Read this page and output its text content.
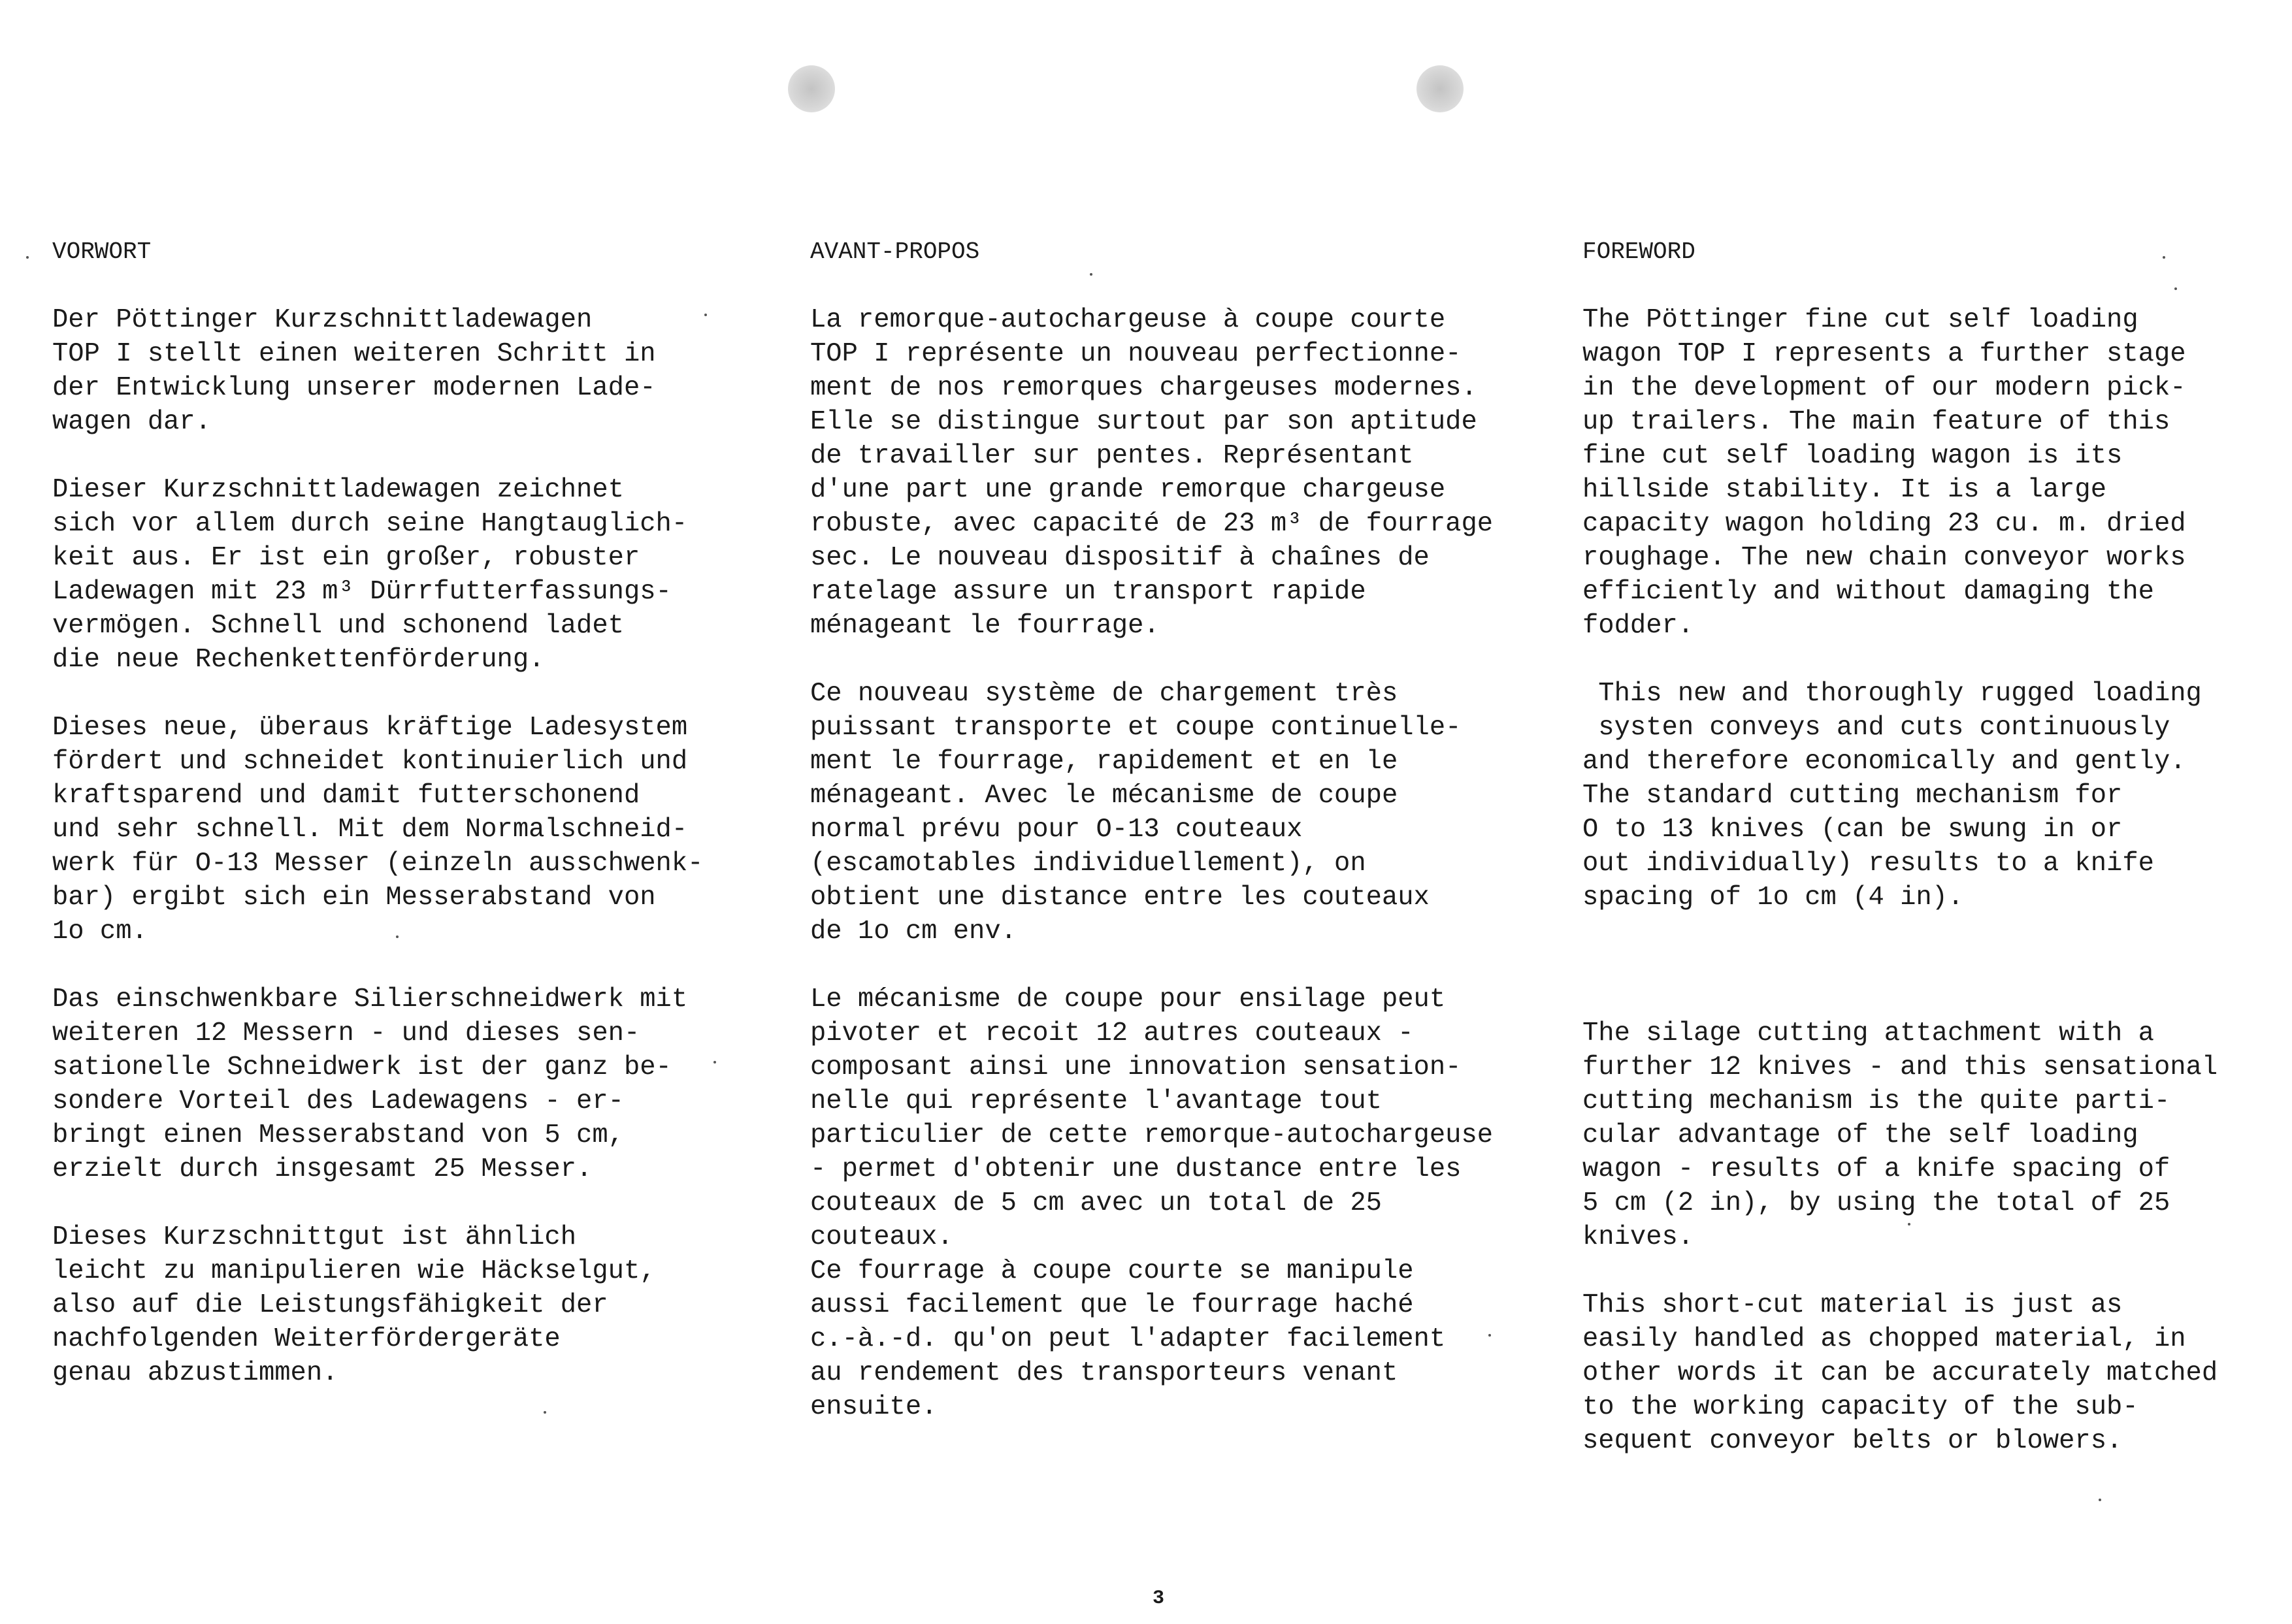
VORWORT
Der Pöttinger Kurzschnittladewagen
TOP I stellt einen weiteren Schritt in
der Entwicklung unserer modernen Lade-
wagen dar.
Dieser Kurzschnittladewagen zeichnet
sich vor allem durch seine Hangtauglich-
keit aus. Er ist ein großer, robuster
Ladewagen mit 23 m³ Dürrfutterfassungs-
vermögen. Schnell und schonend ladet
die neue Rechenkettenförderung.
Dieses neue, überaus kräftige Ladesystem
fördert und schneidet kontinuierlich und
kraftsparend und damit futterschonend
und sehr schnell. Mit dem Normalschneid-
werk für O-13 Messer (einzeln ausschwenk-
bar) ergibt sich ein Messerabstand von
1o cm.
Das einschwenkbare Silierschneidwerk mit
weiteren 12 Messern - und dieses sen-
sationelle Schneidwerk ist der ganz be-
sondere Vorteil des Ladewagens - er-
bringt einen Messerabstand von 5 cm,
erzielt durch insgesamt 25 Messer.
Dieses Kurzschnittgut ist ähnlich
leicht zu manipulieren wie Häckselgut,
also auf die Leistungsfähigkeit der
nachfolgenden Weiterfördergeräte
genau abzustimmen.
AVANT-PROPOS
La remorque-autochargeuse à coupe courte
TOP I représente un nouveau perfectionne-
ment de nos remorques chargeuses modernes.
Elle se distingue surtout par son aptitude
de travailler sur pentes. Représentant
d'une part une grande remorque chargeuse
robuste, avec capacité de 23 m³ de fourrage
sec. Le nouveau dispositif à chaînes de
ratelage assure un transport rapide
ménageant le fourrage.
Ce nouveau système de chargement très
puissant transporte et coupe continuelle-
ment le fourrage, rapidement et en le
ménageant. Avec le mécanisme de coupe
normal prévu pour O-13 couteaux
(escamotables individuellement), on
obtient une distance entre les couteaux
de 1o cm env.
Le mécanisme de coupe pour ensilage peut
pivoter et recoit 12 autres couteaux -
composant ainsi une innovation sensation-
nelle qui représente l'avantage tout
particulier de cette remorque-autochargeuse
- permet d'obtenir une dustance entre les
couteaux de 5 cm avec un total de 25
couteaux.
Ce fourrage à coupe courte se manipule
aussi facilement que le fourrage haché
c.-à.-d. qu'on peut l'adapter facilement
au rendement des transporteurs venant
ensuite.
FOREWORD
The Pöttinger fine cut self loading
wagon TOP I represents a further stage
in the development of our modern pick-
up trailers. The main feature of this
fine cut self loading wagon is its
hillside stability. It is a large
capacity wagon holding 23 cu. m. dried
roughage. The new chain conveyor works
efficiently and without damaging the
fodder.
This new and thoroughly rugged loading
systen conveys and cuts continuously
and therefore economically and gently.
The standard cutting mechanism for
O to 13 knives (can be swung in or
out individually) results to a knife
spacing of 1o cm (4 in).
The silage cutting attachment with a
further 12 knives - and this sensational
cutting mechanism is the quite parti-
cular advantage of the self loading
wagon - results of a knife spacing of
5 cm (2 in), by using the total of 25
knives.
This short-cut material is just as
easily handled as chopped material, in
other words it can be accurately matched
to the working capacity of the sub-
sequent conveyor belts or blowers.
3
